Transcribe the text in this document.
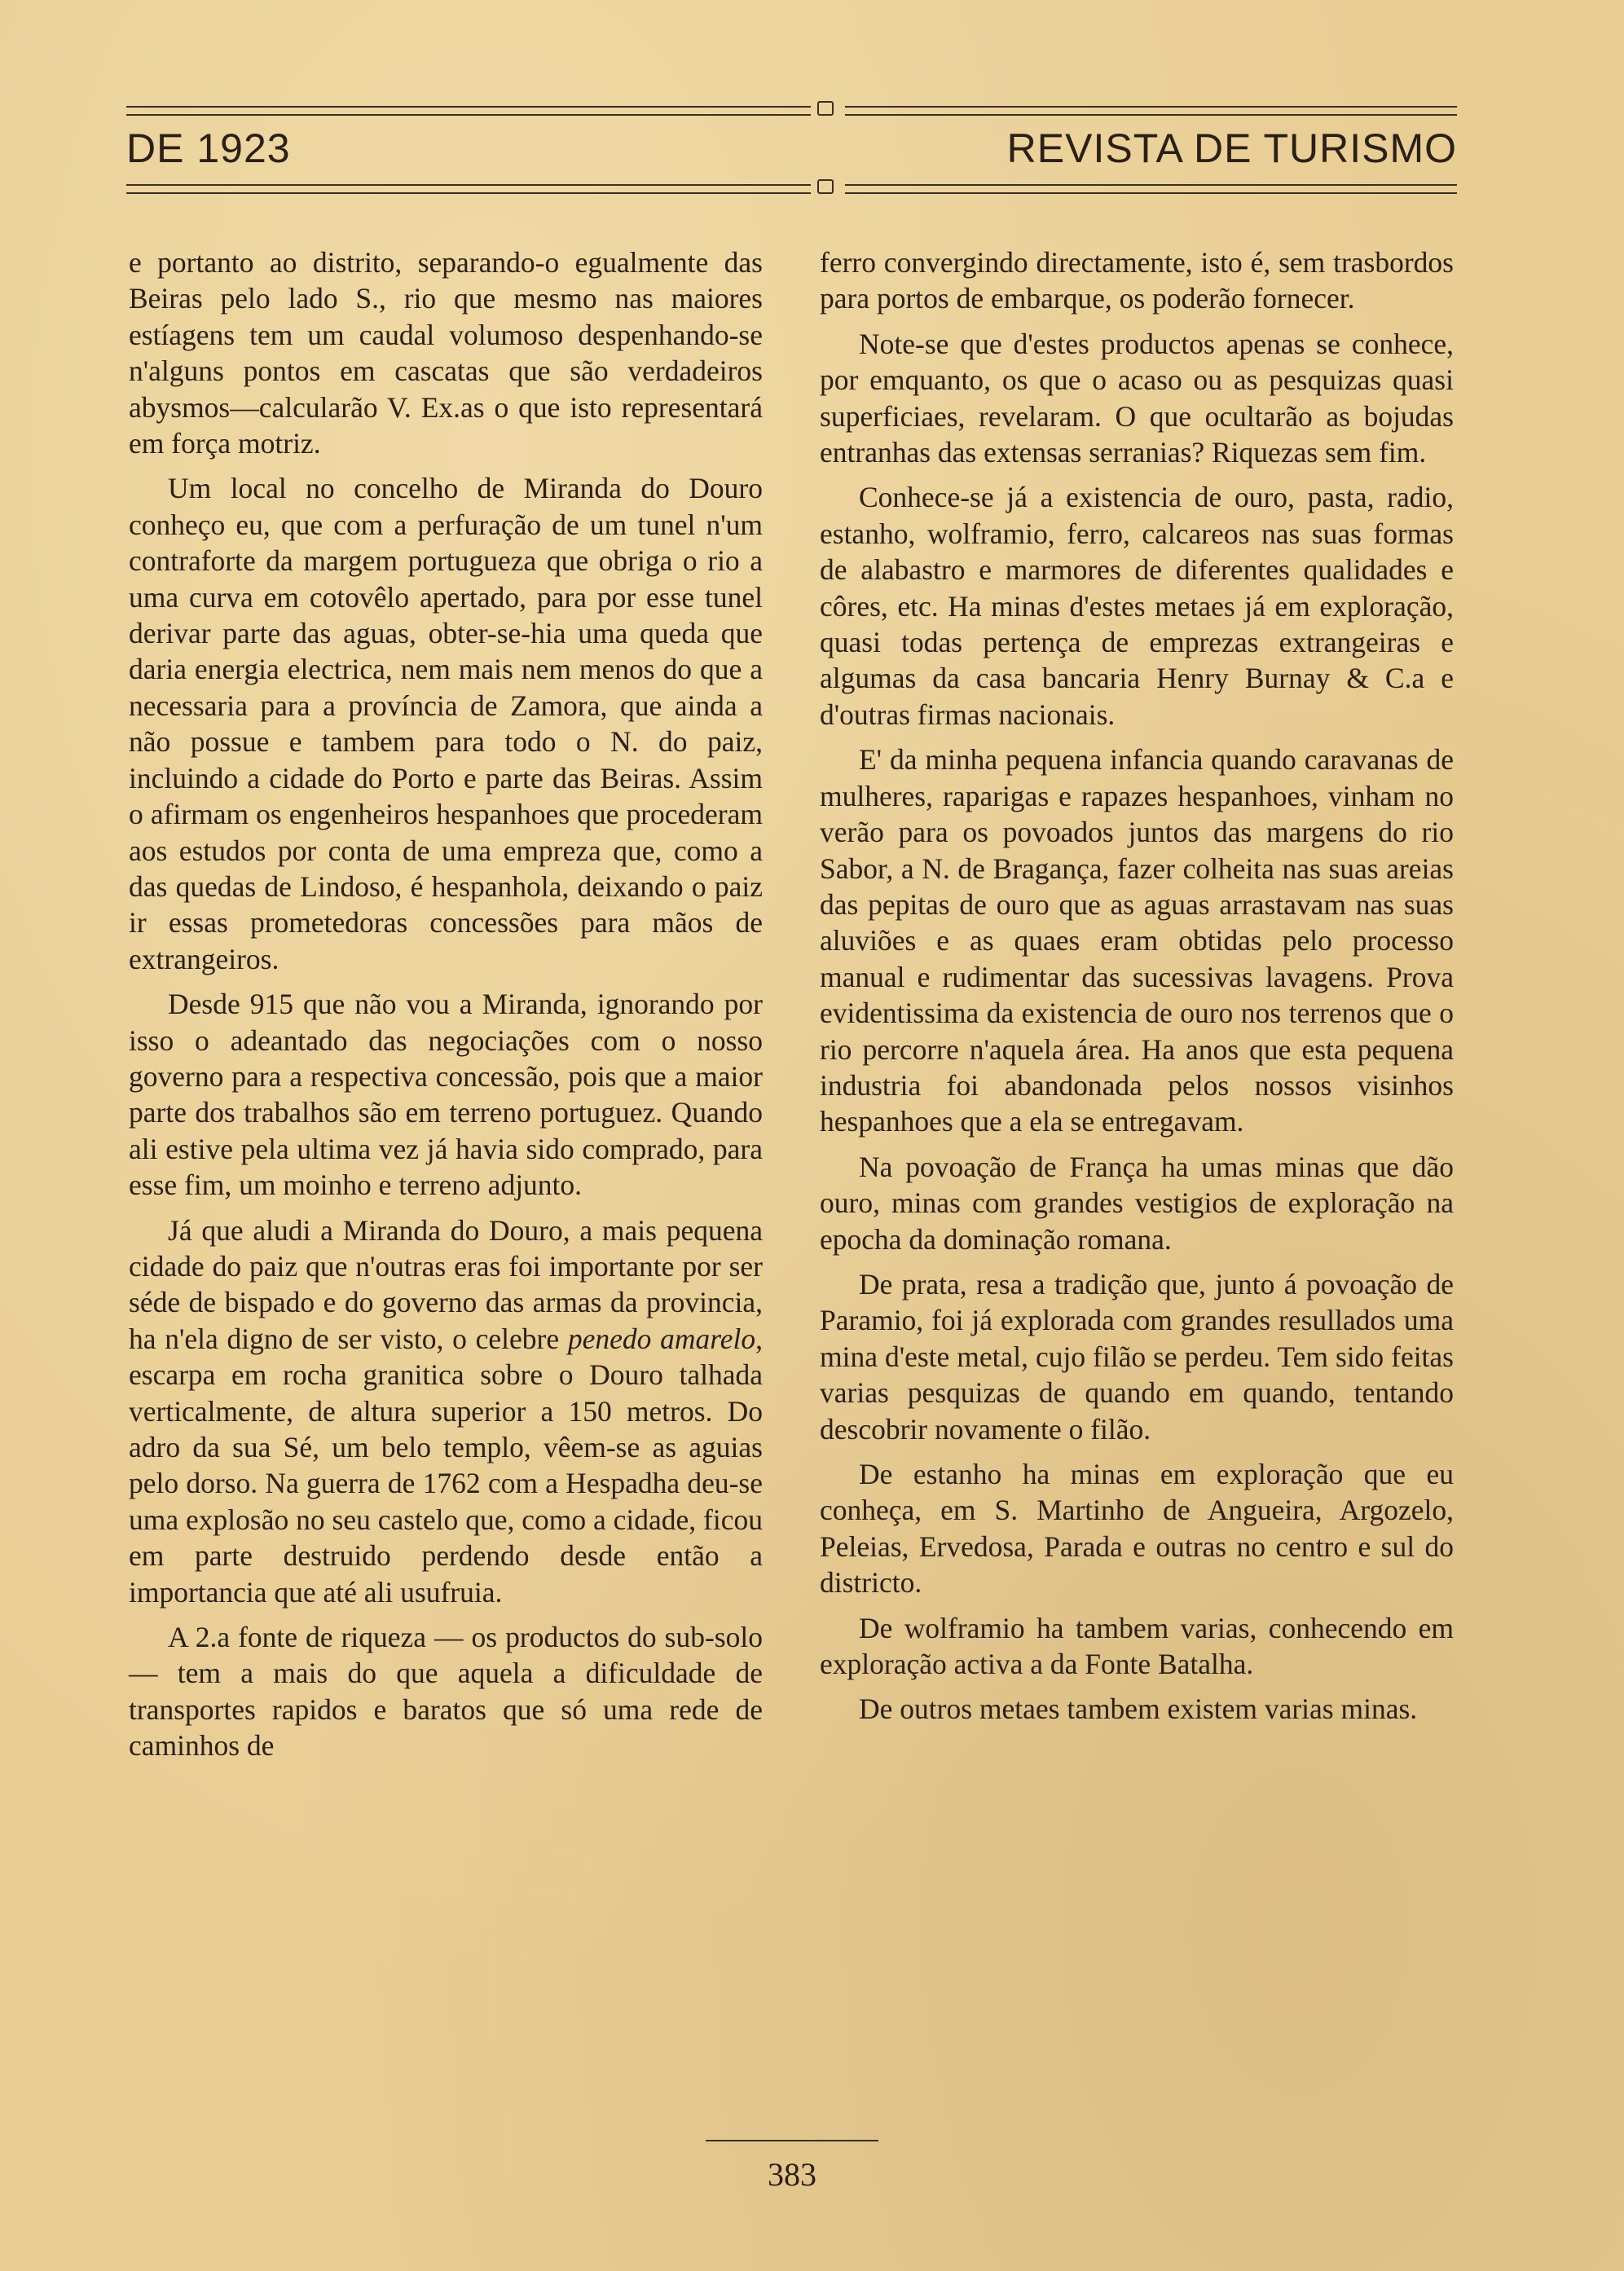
DE 1923	REVISTA DE TURISMO

e portanto ao distrito, separando-o egualmente das Beiras pelo lado S., rio que mesmo nas maiores estíagens tem um caudal volumoso despenhando-se n'alguns pontos em cascatas que são verdadeiros abysmos—calcularão V. Ex.as o que isto representará em força motriz.

Um local no concelho de Miranda do Douro conheço eu, que com a perfuração de um tunel n'um contraforte da margem portugueza que obriga o rio a uma curva em cotovêlo apertado, para por esse tunel derivar parte das aguas, obter-se-hia uma queda que daria energia electrica, nem mais nem menos do que a necessaria para a província de Zamora, que ainda a não possue e tambem para todo o N. do paiz, incluindo a cidade do Porto e parte das Beiras. Assim o afirmam os engenheiros hespanhoes que procederam aos estudos por conta de uma empreza que, como a das quedas de Lindoso, é hespanhola, deixando o paiz ir essas prometedoras concessões para mãos de extrangeiros.

Desde 915 que não vou a Miranda, ignorando por isso o adeantado das negociações com o nosso governo para a respectiva concessão, pois que a maior parte dos trabalhos são em terreno portuguez. Quando ali estive pela ultima vez já havia sido comprado, para esse fim, um moinho e terreno adjunto.

Já que aludi a Miranda do Douro, a mais pequena cidade do paiz que n'outras eras foi importante por ser séde de bispado e do governo das armas da provincia, ha n'ela digno de ser visto, o celebre penedo amarelo, escarpa em rocha granitica sobre o Douro talhada verticalmente, de altura superior a 150 metros. Do adro da sua Sé, um belo templo, vêem-se as aguias pelo dorso. Na guerra de 1762 com a Hespadha deu-se uma explosão no seu castelo que, como a cidade, ficou em parte destruido perdendo desde então a importancia que até ali usufruia.

A 2.a fonte de riqueza — os productos do sub-solo — tem a mais do que aquela a dificuldade de transportes rapidos e baratos que só uma rede de caminhos de

ferro convergindo directamente, isto é, sem trasbordos para portos de embarque, os poderão fornecer.

Note-se que d'estes productos apenas se conhece, por emquanto, os que o acaso ou as pesquizas quasi superficiaes, revelaram. O que ocultarão as bojudas entranhas das extensas serranias? Riquezas sem fim.

Conhece-se já a existencia de ouro, pasta, radio, estanho, wolframio, ferro, calcareos nas suas formas de alabastro e marmores de diferentes qualidades e côres, etc. Ha minas d'estes metaes já em exploração, quasi todas pertença de emprezas extrangeiras e algumas da casa bancaria Henry Burnay & C.a e d'outras firmas nacionais.

E' da minha pequena infancia quando caravanas de mulheres, raparigas e rapazes hespanhoes, vinham no verão para os povoados juntos das margens do rio Sabor, a N. de Bragança, fazer colheita nas suas areias das pepitas de ouro que as aguas arrastavam nas suas aluviões e as quaes eram obtidas pelo processo manual e rudimentar das sucessivas lavagens. Prova evidentissima da existencia de ouro nos terrenos que o rio percorre n'aquela área. Ha anos que esta pequena industria foi abandonada pelos nossos visinhos hespanhoes que a ela se entregavam.

Na povoação de França ha umas minas que dão ouro, minas com grandes vestigios de exploração na epocha da dominação romana.

De prata, resa a tradição que, junto á povoação de Paramio, foi já explorada com grandes resullados uma mina d'este metal, cujo filão se perdeu. Tem sido feitas varias pesquizas de quando em quando, tentando descobrir novamente o filão.

De estanho ha minas em exploração que eu conheça, em S. Martinho de Angueira, Argozelo, Peleias, Ervedosa, Parada e outras no centro e sul do districto.

De wolframio ha tambem varias, conhecendo em exploração activa a da Fonte Batalha.

De outros metaes tambem existem varias minas.

383
